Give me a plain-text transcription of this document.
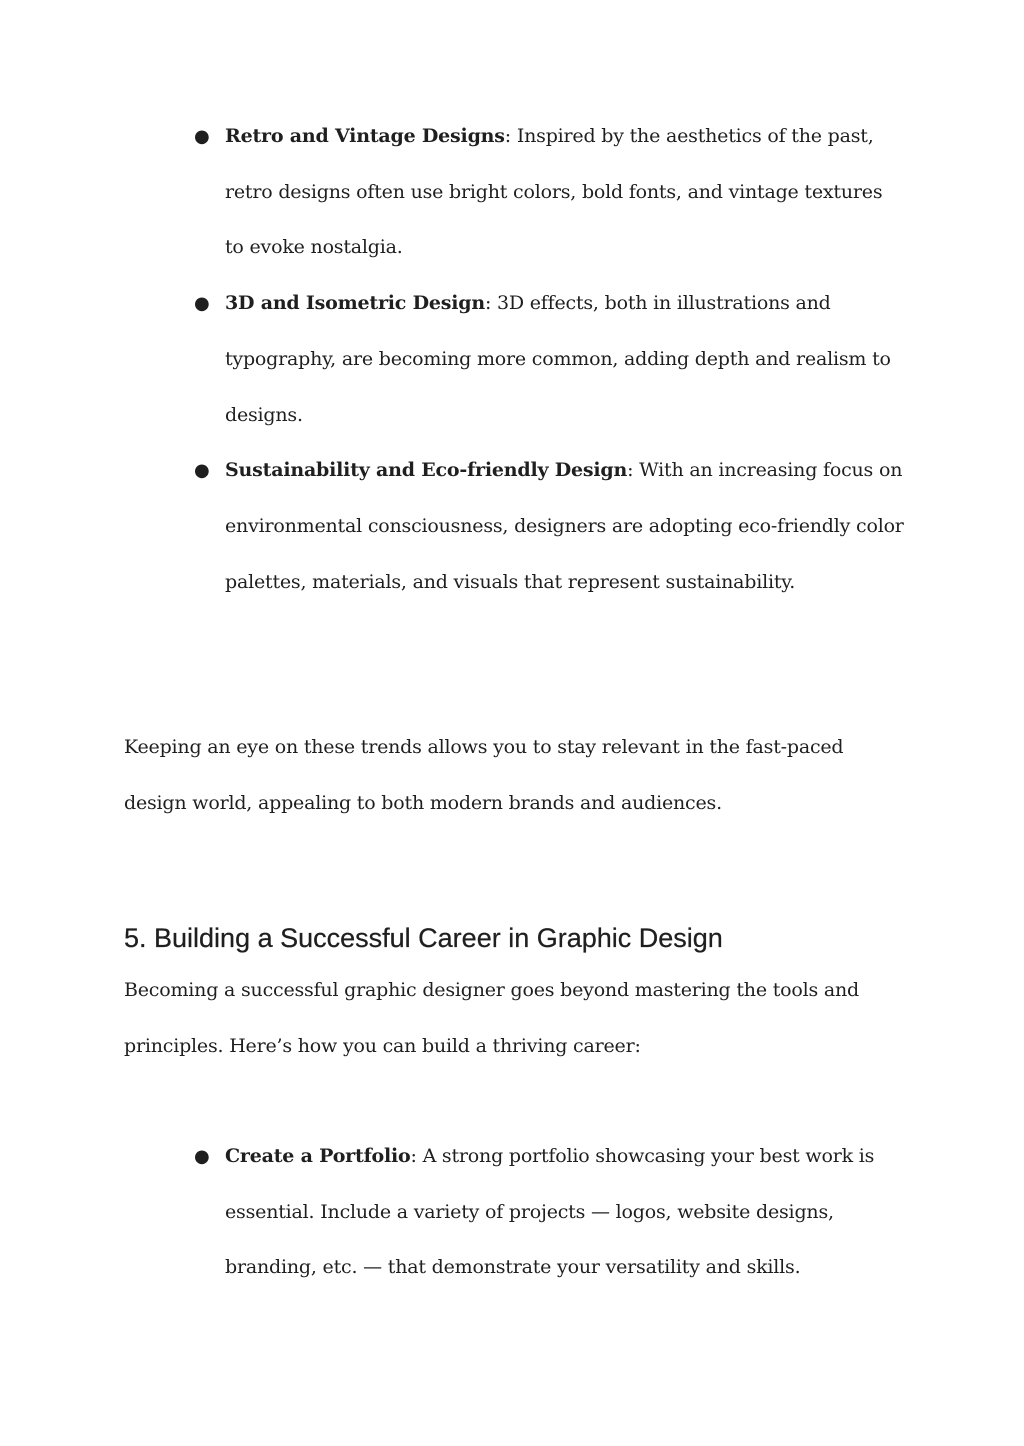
● Retro and Vintage Designs: Inspired by the aesthetics of the past, retro designs often use bright colors, bold fonts, and vintage textures to evoke nostalgia.
● 3D and Isometric Design: 3D effects, both in illustrations and typography, are becoming more common, adding depth and realism to designs.
● Sustainability and Eco-friendly Design: With an increasing focus on environmental consciousness, designers are adopting eco-friendly color palettes, materials, and visuals that represent sustainability.

Keeping an eye on these trends allows you to stay relevant in the fast-paced design world, appealing to both modern brands and audiences.

5. Building a Successful Career in Graphic Design

Becoming a successful graphic designer goes beyond mastering the tools and principles. Here’s how you can build a thriving career:

● Create a Portfolio: A strong portfolio showcasing your best work is essential. Include a variety of projects — logos, website designs, branding, etc. — that demonstrate your versatility and skills.
